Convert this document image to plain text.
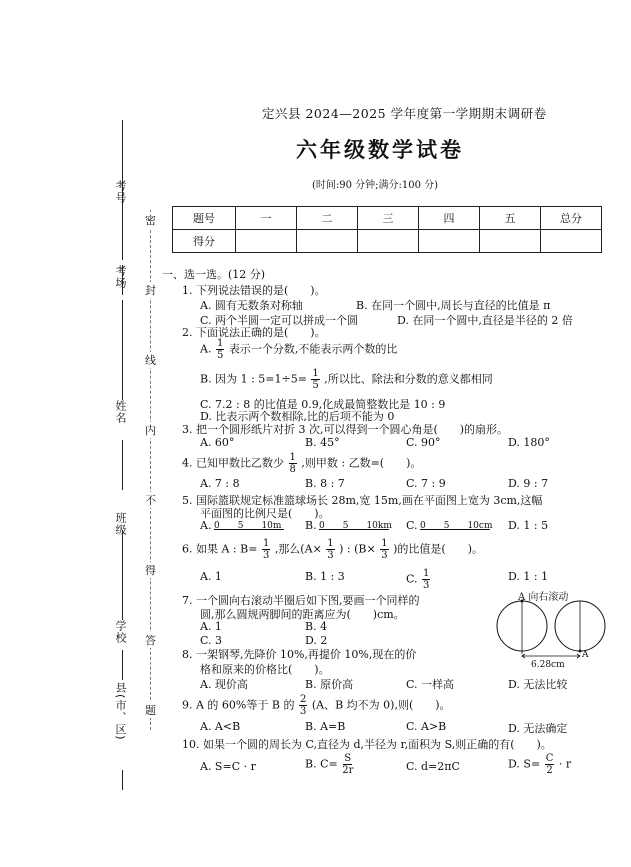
考号
考场
姓名
班级
学校
县(市、区)
密
封
线
内
不
得
答
题
定兴县 2024—2025 学年度第一学期期末调研卷
六年级数学试卷
(时间:90 分钟;满分:100 分)
题号	一	二	三	四	五	总分
得分						
一、选一选。(12 分)
1. 下列说法错误的是(　　)。
A. 圆有无数条对称轴	B. 在同一个圆中,周长与直径的比值是 π
C. 两个半圆一定可以拼成一个圆	D. 在同一个圆中,直径是半径的 2 倍
2. 下面说法正确的是(　　)。
A. $\frac{1}{5}$ 表示一个分数,不能表示两个数的比
B. 因为 1 : $5=1\div 5= \frac{1}{5}$ ,所以比、除法和分数的意义都相同
C. 7.2 : 8 的比值是 0.9,化成最简整数比是 10 : 9
D. 比表示两个数相除,比的后项不能为 0
3. 把一个圆形纸片对折 3 次,可以得到一个圆心角是(　　)的扇形。
A. 60°	B. 45°	C. 90°	D. 180°
4. 已知甲数比乙数少 $\frac{1}{8}$ ,则甲数 : 乙数=(　　)。
A. 7 : 8	B. 8 : 7	C. 7 : 9	D. 9 : 7
5. 国际篮联规定标准篮球场长 28m,宽 15m,画在平面图上宽为 3cm,这幅
平面图的比例尺是(　　)。
A. 0　　5　　10m	B. 0　　5　　10km C. 0　　5　　10cm D. 1 : 5
6. 如果 A : $B= \frac{1}{3}$ ,那么($A\times \frac{1}{3}$ ) : ($B\times \frac{1}{3}$ )的比值是(　　)。
A. 1	B. 1 : 3	C. $\frac{1}{3}$	D. 1 : 1
7. 一个圆向右滚动半圈后如下图,要画一个同样的
圆,那么圆规两脚间的距离应为(　　)cm。
A. 1	B. 4
C. 3	D. 2
A 向右滚动
A
6.28cm
8. 一架钢琴,先降价 10%,再提价 10%,现在的价
格和原来的价格比(　　)。
A. 现价高	B. 原价高	C. 一样高	D. 无法比较
9. A 的 60%等于 B 的 $\frac{2}{3} (A$、B 均不为 0),则(　　)。
A. A<B	B. A=B	C. A>B	D. 无法确定
10. 如果一个圆的周长为 C,直径为 d,半径为 r,面积为 S,则正确的有(　　)。
A. S=C · r	B. $C= \frac{S}{2r}$	C. d=2πC	D. $S= \frac{C}{2} \cdot r$
